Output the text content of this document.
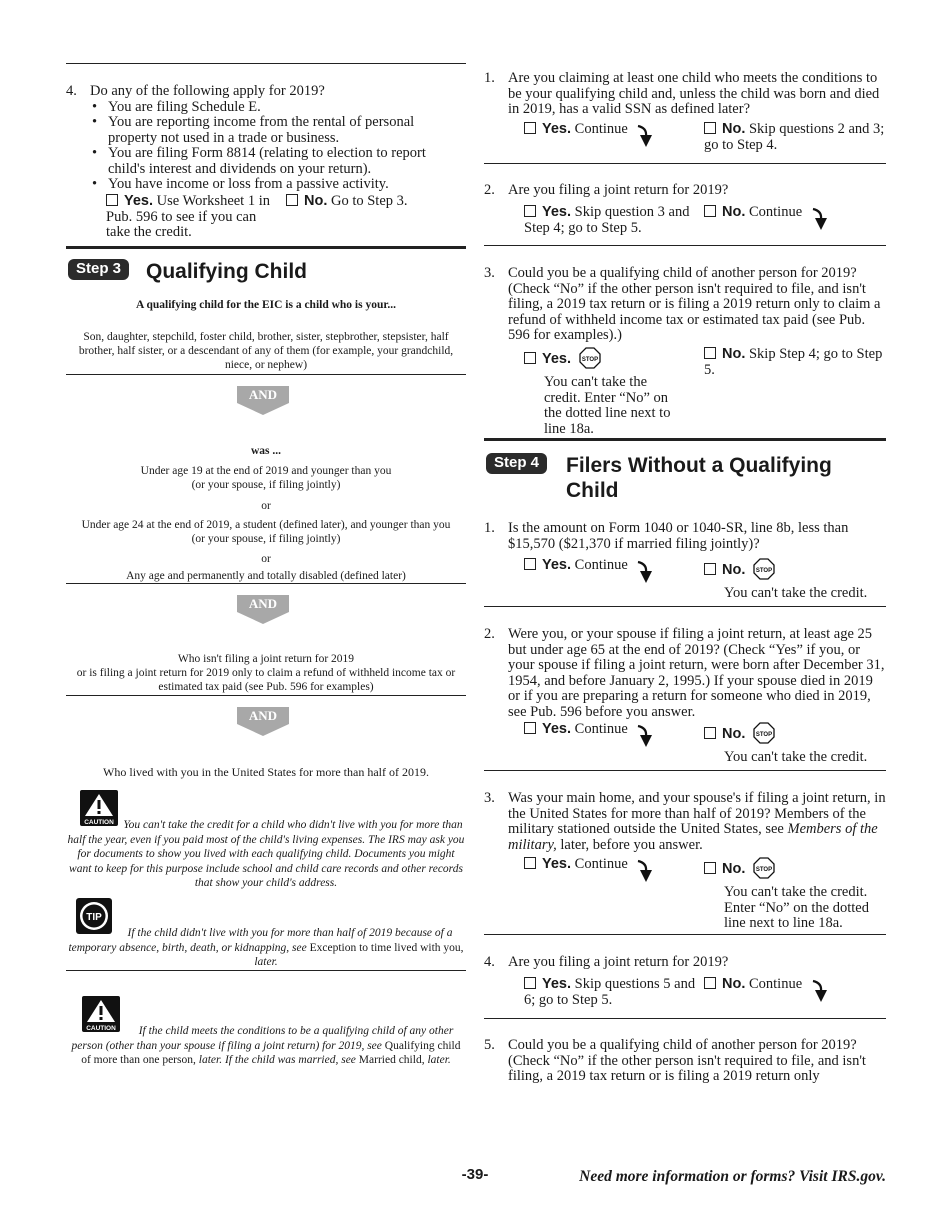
4. Do any of the following apply for 2019?
• You are filing Schedule E.
• You are reporting income from the rental of personal property not used in a trade or business.
• You are filing Form 8814 (relating to election to report child's interest and dividends on your return).
• You have income or loss from a passive activity.
Yes. Use Worksheet 1 in Pub. 596 to see if you can take the credit.
No. Go to Step 3.
Step 3	Qualifying Child
A qualifying child for the EIC is a child who is your...
Son, daughter, stepchild, foster child, brother, sister, stepbrother, stepsister, half brother, half sister, or a descendant of any of them (for example, your grandchild, niece, or nephew)
AND
was ...
Under age 19 at the end of 2019 and younger than you
(or your spouse, if filing jointly)
or
Under age 24 at the end of 2019, a student (defined later), and younger than you
(or your spouse, if filing jointly)
or
Any age and permanently and totally disabled (defined later)
AND
Who isn't filing a joint return for 2019
or is filing a joint return for 2019 only to claim a refund of withheld income tax or estimated tax paid (see Pub. 596 for examples)
AND
Who lived with you in the United States for more than half of 2019.
CAUTION You can't take the credit for a child who didn't live with you for more than half the year, even if you paid most of the child's living expenses. The IRS may ask you for documents to show you lived with each qualifying child. Documents you might want to keep for this purpose include school and child care records and other records that show your child's address.
TIP
If the child didn't live with you for more than half of 2019 because of a temporary absence, birth, death, or kidnapping, see Exception to time lived with you, later.
CAUTION	If the child meets the conditions to be a qualifying child of any other person (other than your spouse if filing a joint return) for 2019, see Qualifying child of more than one person, later. If the child was married, see Married child, later.
1. Are you claiming at least one child who meets the conditions to be your qualifying child and, unless the child was born and died in 2019, has a valid SSN as defined later?
Yes. Continue	No. Skip questions 2 and 3; go to Step 4.
2. Are you filing a joint return for 2019?
Yes. Skip question 3 and Step 4; go to Step 5.
No. Continue
3. Could you be a qualifying child of another person for 2019? (Check “No” if the other person isn't required to file, and isn't filing, a 2019 tax return or is filing a 2019 return only to claim a refund of withheld income tax or estimated tax paid (see Pub. 596 for examples).)
Yes. STOP
You can't take the credit. Enter “No” on the dotted line next to line 18a.
No. Skip Step 4; go to Step 5.
Step 4	Filers Without a Qualifying Child
1. Is the amount on Form 1040 or 1040-SR, line 8b, less than $15,570 ($21,370 if married filing jointly)?
Yes. Continue	No. STOP
You can't take the credit.
2. Were you, or your spouse if filing a joint return, at least age 25 but under age 65 at the end of 2019? (Check “Yes” if you, or your spouse if filing a joint return, were born after December 31, 1954, and before January 2, 1995.) If your spouse died in 2019 or if you are preparing a return for someone who died in 2019, see Pub. 596 before you answer.
Yes. Continue	No. STOP
You can't take the credit.
3. Was your main home, and your spouse's if filing a joint return, in the United States for more than half of 2019? Members of the military stationed outside the United States, see Members of the military, later, before you answer.
Yes. Continue	No. STOP
You can't take the credit. Enter “No” on the dotted line next to line 18a.
4. Are you filing a joint return for 2019?
Yes. Skip questions 5 and 6; go to Step 5.
No. Continue
5. Could you be a qualifying child of another person for 2019? (Check “No” if the other person isn't required to file, and isn't filing, a 2019 tax return or is filing a 2019 return only
-39-	Need more information or forms? Visit IRS.gov.
